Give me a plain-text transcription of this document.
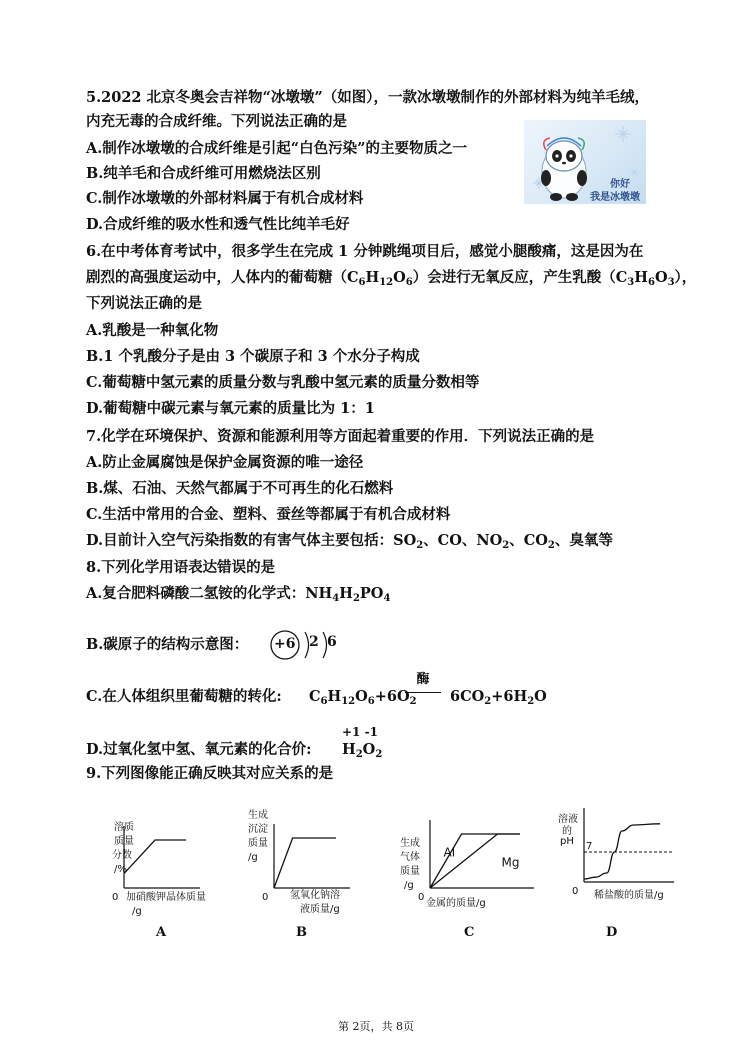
5.2022 北京冬奥会吉祥物“冰墩墩”（如图），一款冰墩墩制作的外部材料为纯羊毛绒，
内充无毒的合成纤维。下列说法正确的是
A.制作冰墩墩的合成纤维是引起“白色污染”的主要物质之一
B.纯羊毛和合成纤维可用燃烧法区别
C.制作冰墩墩的外部材料属于有机合成材料
D.合成纤维的吸水性和透气性比纯羊毛好
你好
我是冰墩墩
6.在中考体育考试中，很多学生在完成 1 分钟跳绳项目后，感觉小腿酸痛，这是因为在
剧烈的高强度运动中，人体内的葡萄糖$(C_6H_{12}O_6)$会进行无氧反应，产生乳酸$(C_3H_6O_3)$，
下列说法正确的是
A.乳酸是一种氧化物
B.1 个乳酸分子是由 3 个碳原子和 3 个水分子构成
C.葡萄糖中氢元素的质量分数与乳酸中氢元素的质量分数相等
D.葡萄糖中碳元素与氧元素的质量比为 1：1
7.化学在环境保护、资源和能源利用等方面起着重要的作用．下列说法正确的是
A.防止金属腐蚀是保护金属资源的唯一途径
B.煤、石油、天然气都属于不可再生的化石燃料
C.生活中常用的合金、塑料、蚕丝等都属于有机合成材料
D.目前计入空气污染指数的有害气体主要包括：$SO_2$、CO、$NO_2$、$CO_2$、臭氧等
8.下列化学用语表达错误的是
A.复合肥料磷酸二氢铵的化学式：$NH_4H_2PO_4$
B.碳原子的结构示意图： +6 2 6
C.在人体组织里葡萄糖的转化: $C_6H_{12}O_6+6O_2$
酶
$6CO_2+6H_2O$
D.过氧化氢中氢、氧元素的化合价:
+1 -1
$H_2O_2$
9.下列图像能正确反映其对应关系的是
0
溶质
质量
分数
/%
加硝酸钾晶体质量
/g
A
0
生成
沉淀
质量
/g
氢氧化钠溶
液质量/g
B
0
生成
气体
质量
/g
金属的质量/g
Al
Mg
C
0
溶液
的
pH
稀盐酸的质量/g
7
D
第 2页，共 8页
